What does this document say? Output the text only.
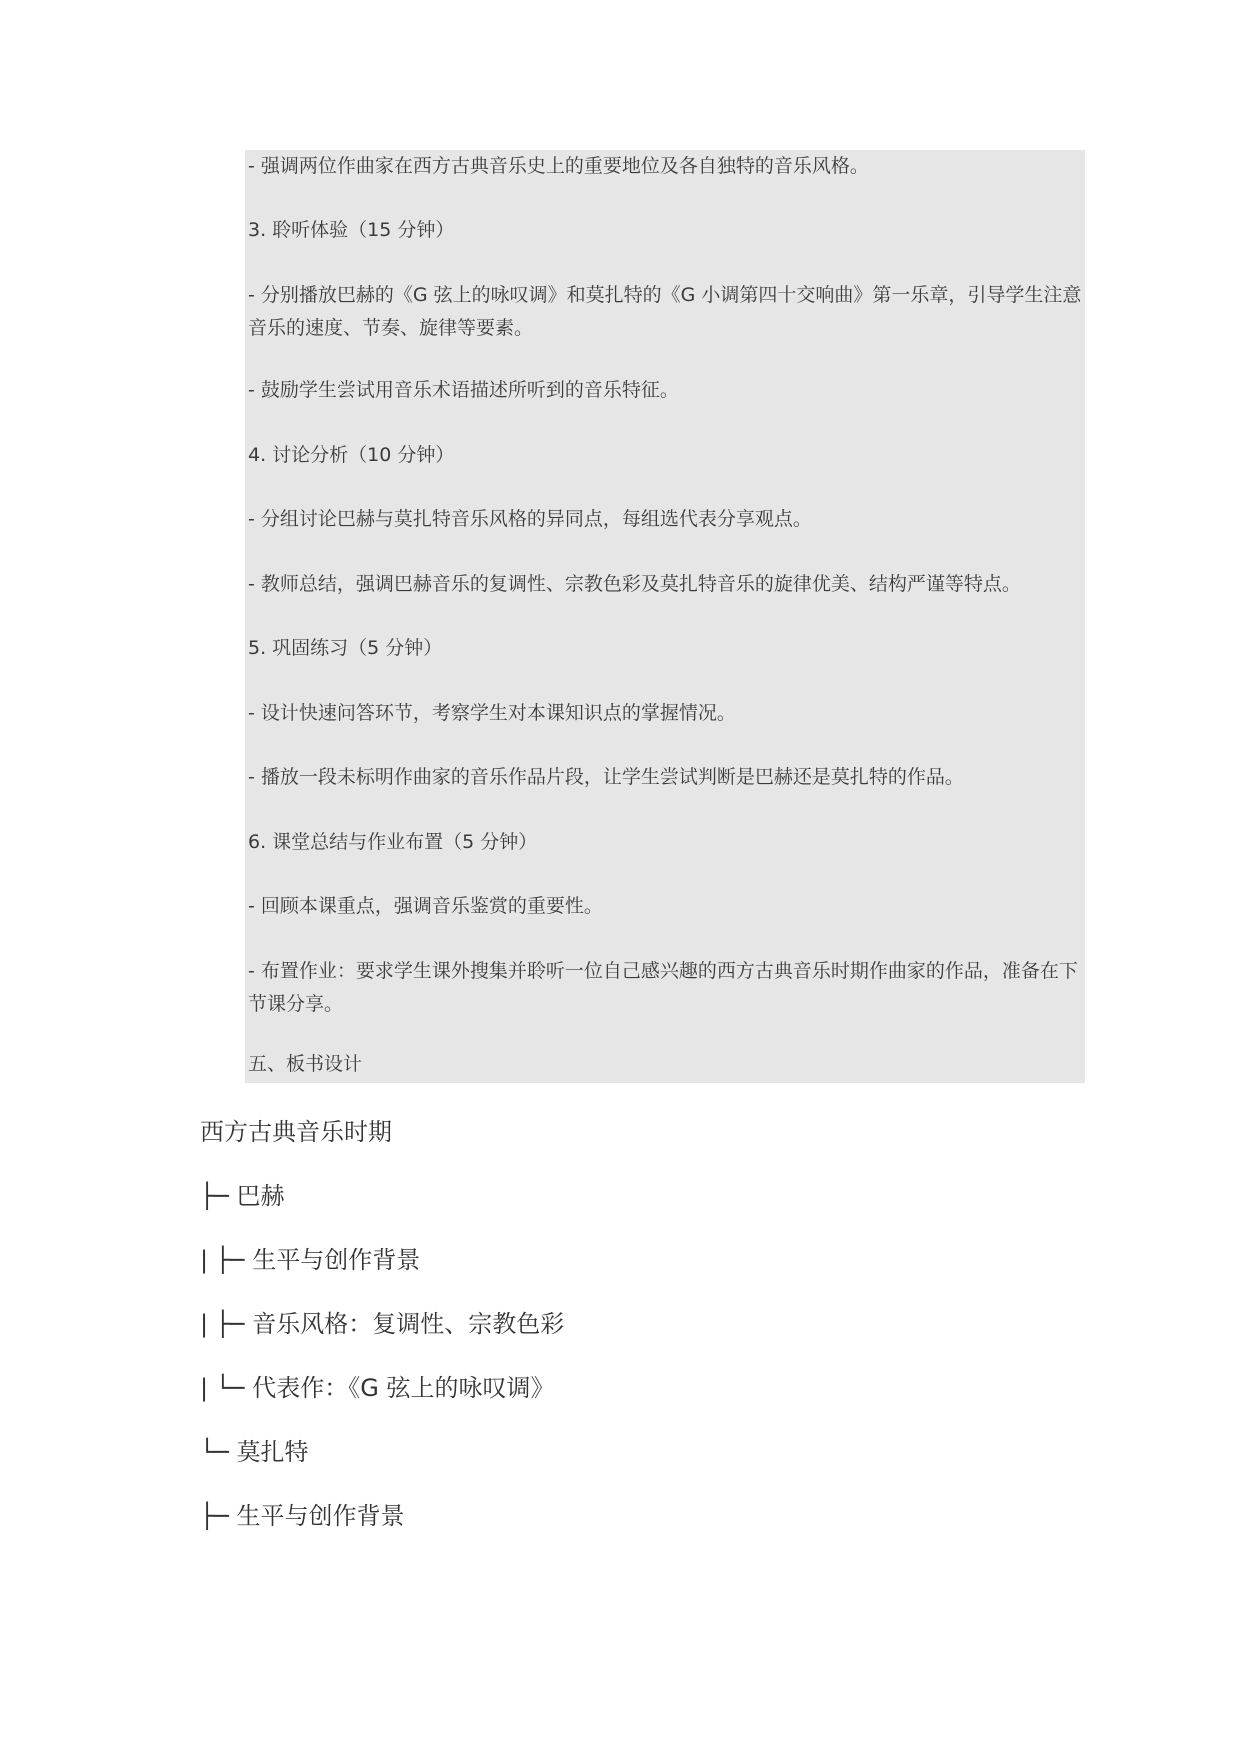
- 强调两位作曲家在西方古典音乐史上的重要地位及各自独特的音乐风格。
3. 聆听体验（15 分钟）
- 分别播放巴赫的《G 弦上的咏叹调》和莫扎特的《G 小调第四十交响曲》第一乐章，引导学生注意音乐的速度、节奏、旋律等要素。
- 鼓励学生尝试用音乐术语描述所听到的音乐特征。
4. 讨论分析（10 分钟）
- 分组讨论巴赫与莫扎特音乐风格的异同点，每组选代表分享观点。
- 教师总结，强调巴赫音乐的复调性、宗教色彩及莫扎特音乐的旋律优美、结构严谨等特点。
5. 巩固练习（5 分钟）
- 设计快速问答环节，考察学生对本课知识点的掌握情况。
- 播放一段未标明作曲家的音乐作品片段，让学生尝试判断是巴赫还是莫扎特的作品。
6. 课堂总结与作业布置（5 分钟）
- 回顾本课重点，强调音乐鉴赏的重要性。
- 布置作业：要求学生课外搜集并聆听一位自己感兴趣的西方古典音乐时期作曲家的作品，准备在下节课分享。
五、板书设计
西方古典音乐时期
├─ 巴赫
| ├─ 生平与创作背景
| ├─ 音乐风格：复调性、宗教色彩
| └─ 代表作：《G 弦上的咏叹调》
└─ 莫扎特
├─ 生平与创作背景
